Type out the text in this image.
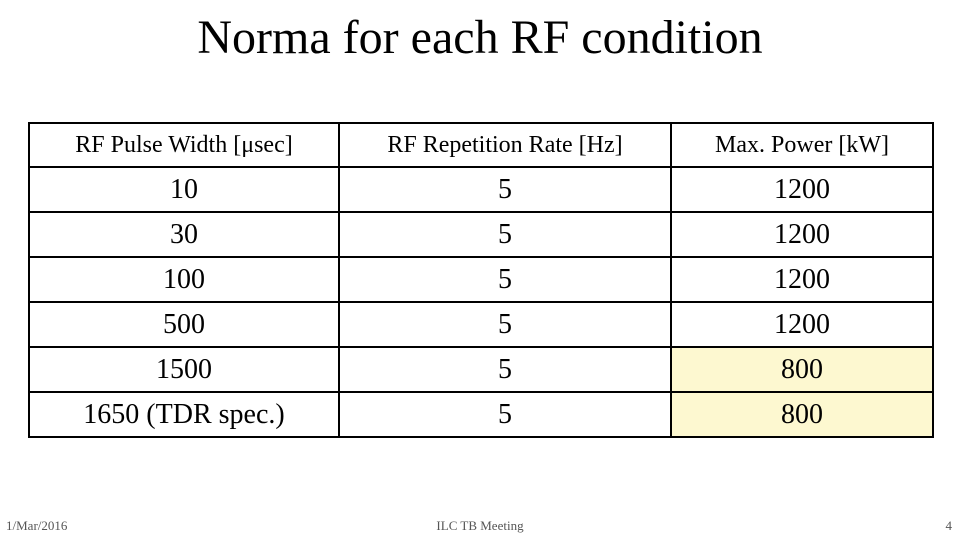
Norma for each RF condition
RF Pulse Width [μsec]	RF Repetition Rate [Hz]	Max. Power [kW]
10	5	1200
30	5	1200
100	5	1200
500	5	1200
1500	5	800
1650 (TDR spec.)	5	800
1/Mar/2016	ILC TB Meeting	4
